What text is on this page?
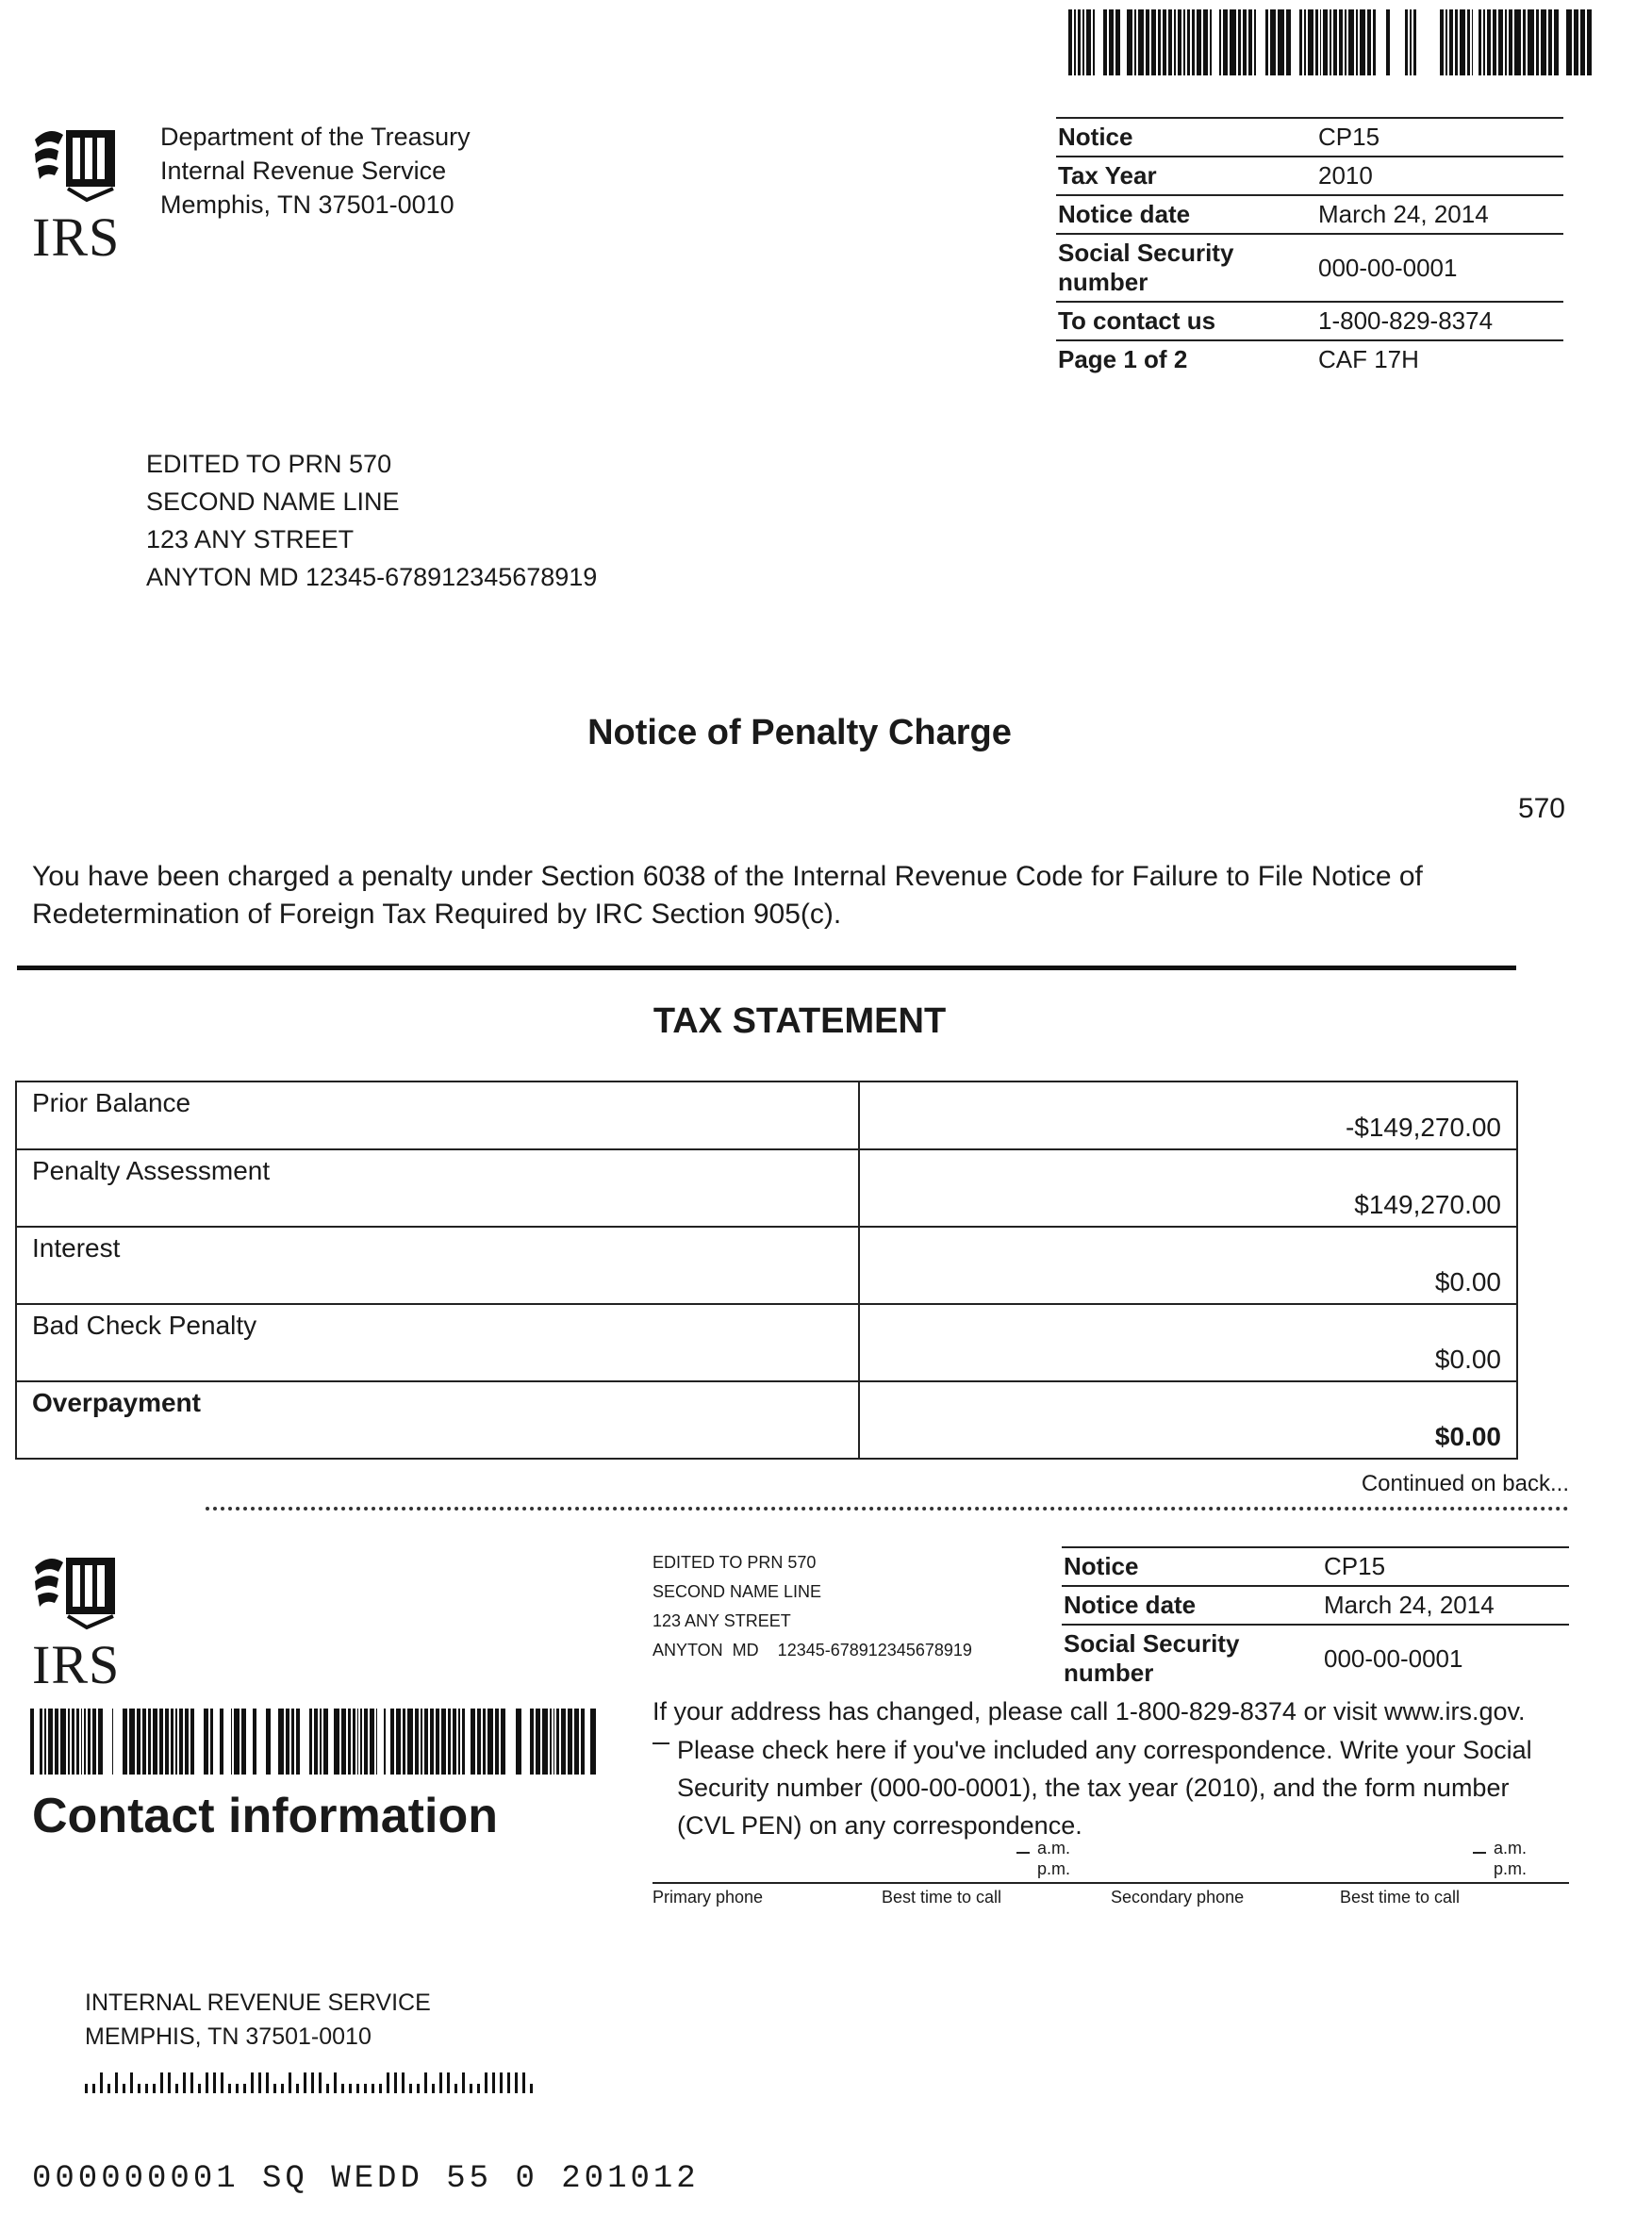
IRS
Department of the Treasury
Internal Revenue Service
Memphis, TN 37501-0010
Notice	CP15
Tax Year	2010
Notice date	March 24, 2014
Social Security number	000-00-0001
To contact us	1-800-829-8374
Page 1 of 2	CAF 17H
EDITED TO PRN 570
SECOND NAME LINE
123 ANY STREET
ANYTON MD 12345-678912345678919
Notice of Penalty Charge
570
You have been charged a penalty under Section 6038 of the Internal Revenue Code for Failure to File Notice of Redetermination of Foreign Tax Required by IRC Section 905(c).
TAX STATEMENT
Prior Balance	-$149,270.00
Penalty Assessment	$149,270.00
Interest	$0.00
Bad Check Penalty	$0.00
Overpayment	$0.00
Continued on back...
IRS
Contact information
EDITED TO PRN 570
SECOND NAME LINE
123 ANY STREET
ANYTON  MD    12345-678912345678919
Notice	CP15
Notice date	March 24, 2014
Social Security number	000-00-0001
If your address has changed, please call 1-800-829-8374 or visit www.irs.gov.
Please check here if you've included any correspondence. Write your Social Security number (000-00-0001), the tax year (2010), and the form number (CVL PEN) on any correspondence.
a.m.
p.m.
a.m.
p.m.
Primary phone	Best time to call	Secondary phone	Best time to call
INTERNAL REVENUE SERVICE
MEMPHIS, TN 37501-0010
000000001 SQ WEDD 55 0 201012
